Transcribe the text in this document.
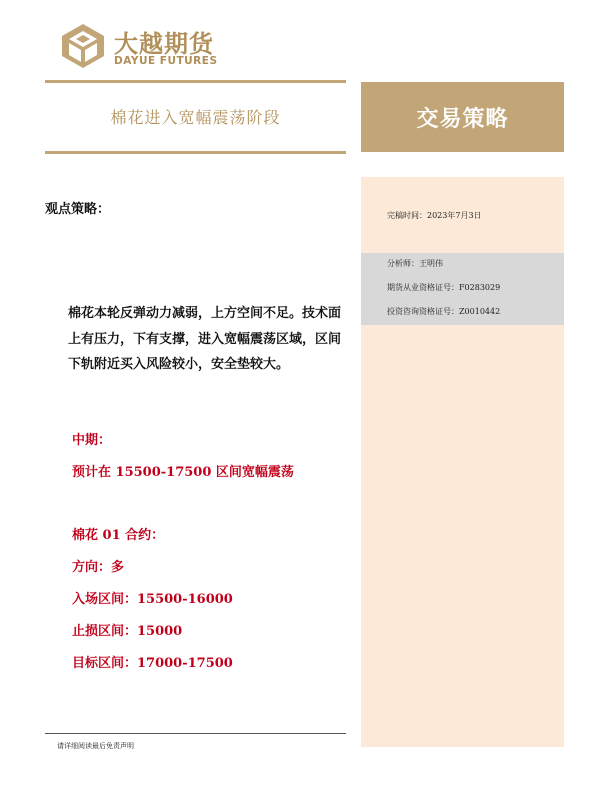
大越期货
DAYUE FUTURES
棉花进入宽幅震荡阶段	交易策略
完稿时间：2023年7月3日
分析师：王明伟
期货从业资格证号：F0283029
投资咨询资格证号：Z0010442
观点策略：
棉花本轮反弹动力减弱，上方空间不足。技术面上有压力，下有支撑，进入宽幅震荡区域，区间下轨附近买入风险较小，安全垫较大。
中期：
预计在 15500-17500 区间宽幅震荡
棉花 01 合约：
方向：多
入场区间：15500-16000
止损区间：15000
目标区间：17000-17500
请详细阅读最后免责声明
